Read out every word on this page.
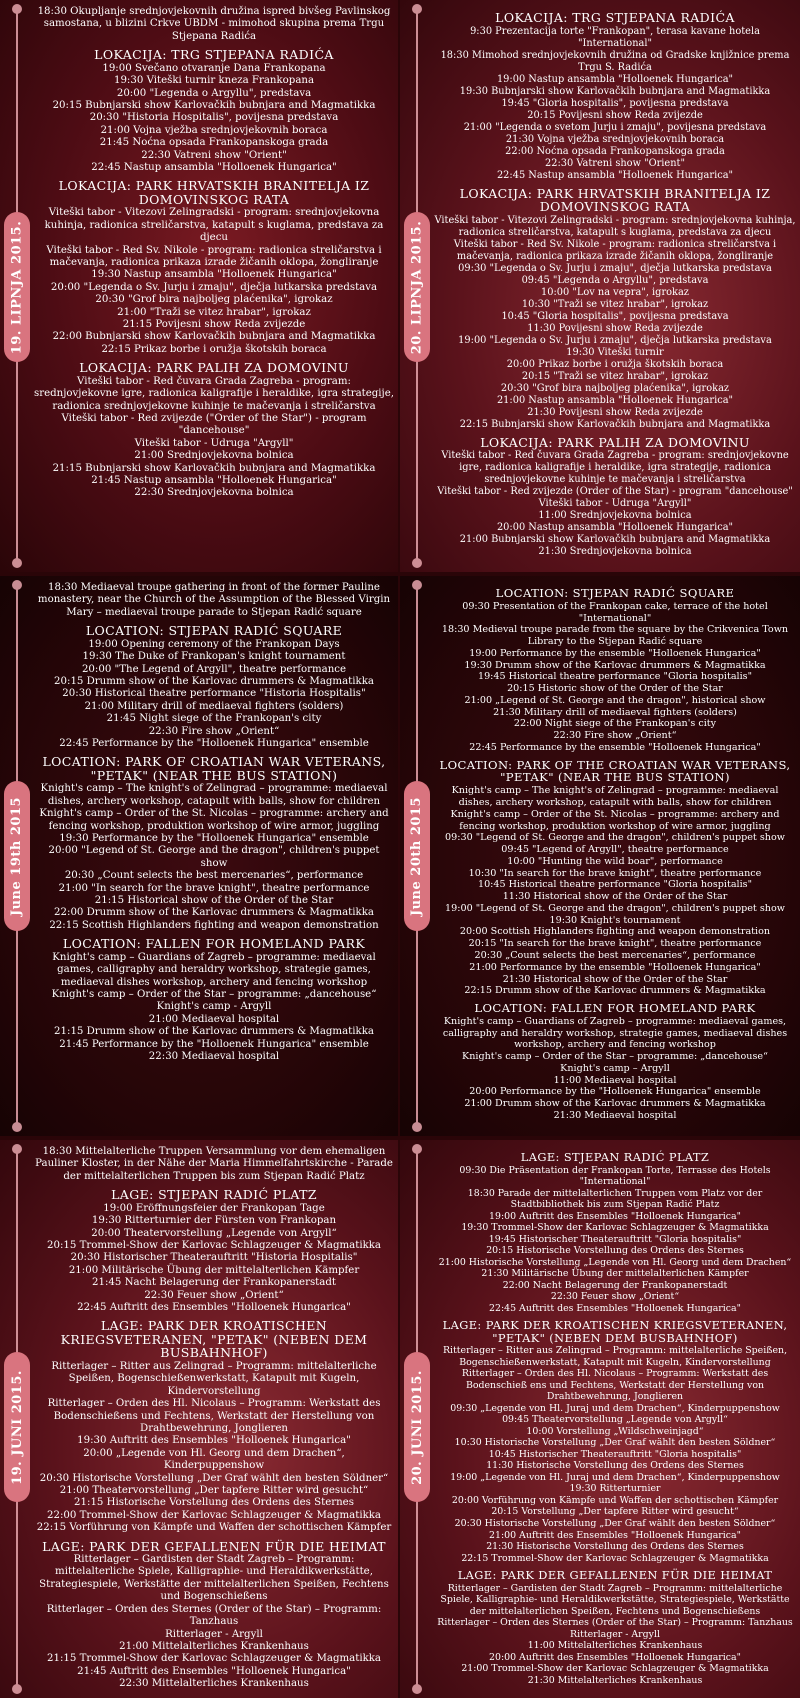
19. LIPNJA 2015.

18:30 Okupljanje srednjovjekovnih družina ispred bivšeg Pavlinskog samostana, u blizini Crkve UBDM - mimohod skupina prema Trgu Stjepana Radića

LOKACIJA: TRG STJEPANA RADIĆA

19:00 Svečano otvaranje Dana Frankopana

19:30 Viteški turnir kneza Frankopana

20:00 "Legenda o Argyllu", predstava

20:15 Bubnjarski show Karlovačkih bubnjara and Magmatikka

20:30 "Historia Hospitalis", povijesna predstava

21:00 Vojna vježba srednjovjekovnih boraca

21:45 Noćna opsada Frankopanskoga grada

22:30 Vatreni show "Orient"

22:45 Nastup ansambla "Holloenek Hungarica"

LOKACIJA: PARK HRVATSKIH BRANITELJA IZ DOMOVINSKOG RATA

Viteški tabor - Vitezovi Zelingradski - program: srednjovjekovna kuhinja, radionica streličarstva, katapult s kuglama, predstava za djecu

Viteški tabor - Red Sv. Nikole - program: radionica streličarstva i mačevanja, radionica prikaza izrade žičanih oklopa, žongliranje

19:30 Nastup ansambla "Holloenek Hungarica"

20:00 "Legenda o Sv. Jurju i zmaju", dječja lutkarska predstava

20:30 "Grof bira najboljeg plaćenika", igrokaz

21:00 "Traži se vitez hrabar", igrokaz

21:15 Povijesni show Reda zvijezde

22:00 Bubnjarski show Karlovačkih bubnjara and Magmatikka

22:15 Prikaz borbe i oružja škotskih boraca

LOKACIJA: PARK PALIH ZA DOMOVINU

Viteški tabor - Red čuvara Grada Zagreba - program: srednjovjekovne igre, radionica kaligrafije i heraldike, igra strategije, radionica srednjovjekovne kuhinje te mačevanja i streličarstva

Viteški tabor - Red zvijezde ("Order of the Star") - program "dancehouse"

Viteški tabor - Udruga "Argyll"

21:00 Srednjovjekovna bolnica

21:15 Bubnjarski show Karlovačkih bubnjara and Magmatikka

21:45 Nastup ansambla "Holloenek Hungarica"

22:30 Srednjovjekovna bolnica

20. LIPNJA 2015.
LOKACIJA: TRG STJEPANA RADIĆA

9:30 Prezentacija torte "Frankopan", terasa kavane hotela "International"

18:30 Mimohod srednjovjekovnih družina od Gradske knjižnice prema Trgu S. Radića

19:00 Nastup ansambla "Holloenek Hungarica"

19:30 Bubnjarski show Karlovačkih bubnjara and Magmatikka

19:45 "Gloria hospitalis", povijesna predstava

20:15 Povijesni show Reda zvijezde

21:00 "Legenda o svetom Jurju i zmaju", povijesna predstava

21:30 Vojna vježba srednjovjekovnih boraca

22:00 Noćna opsada Frankopanskoga grada

22:30 Vatreni show "Orient"

22:45 Nastup ansambla "Holloenek Hungarica"

LOKACIJA: PARK HRVATSKIH BRANITELJA IZ DOMOVINSKOG RATA

Viteški tabor - Vitezovi Zelingradski - program: srednjovjekovna kuhinja, radionica streličarstva, katapult s kuglama, predstava za djecu

Viteški tabor - Red Sv. Nikole - program: radionica streličarstva i mačevanja, radionica prikaza izrade žičanih oklopa, žongliranje

09:30 "Legenda o Sv. Jurju i zmaju", dječja lutkarska predstava

09:45 "Legenda o Argyllu", predstava

10:00 "Lov na vepra", igrokaz

10:30 "Traži se vitez hrabar", igrokaz

10:45 "Gloria hospitalis", povijesna predstava

11:30 Povijesni show Reda zvijezde

19:00 "Legenda o Sv. Jurju i zmaju", dječja lutkarska predstava

19:30 Viteški turnir

20:00 Prikaz borbe i oružja škotskih boraca

20:15 "Traži se vitez hrabar", igrokaz

20:30 "Grof bira najboljeg plaćenika", igrokaz

21:00 Nastup ansambla "Holloenek Hungarica"

21:30 Povijesni show Reda zvijezde

22:15 Bubnjarski show Karlovačkih bubnjara and Magmatikka

LOKACIJA: PARK PALIH ZA DOMOVINU

Viteški tabor - Red čuvara Grada Zagreba - program: srednjovjekovne igre, radionica kaligrafije i heraldike, igra strategije, radionica srednjovjekovne kuhinje te mačevanja i streličarstva

Viteški tabor - Red zvijezde (Order of the Star) - program "dancehouse"

Viteški tabor - Udruga "Argyll"

11:00 Srednjovjekovna bolnica

20:00 Nastup ansambla "Holloenek Hungarica"

21:00 Bubnjarski show Karlovačkih bubnjara and Magmatikka

21:30 Srednjovjekovna bolnica

June 19th 2015

18:30 Mediaeval troupe gathering in front of the former Pauline monastery, near the Church of the Assumption of the Blessed Virgin Mary – mediaeval troupe parade to Stjepan Radić square

LOCATION: STJEPAN RADIĆ SQUARE

19:00 Opening ceremony of the Frankopan Days

19:30 The Duke of Frankopan's knight tournament

20:00 "The Legend of Argyll", theatre performance

20:15 Drumm show of the Karlovac drummers & Magmatikka

20:30 Historical theatre performance "Historia Hospitalis"

21:00 Military drill of mediaeval fighters (solders)

21:45 Night siege of the Frankopan's city

22:30 Fire show „Orient“

22:45 Performance by the "Holloenek Hungarica" ensemble

LOCATION: PARK OF CROATIAN WAR VETERANS, "PETAK" (NEAR THE BUS STATION)

Knight's camp – The knight's of Zelingrad – programme: mediaeval dishes, archery workshop, catapult with balls, show for children

Knight's camp – Order of the St. Nicolas – programme: archery and fencing workshop, produktion workshop of wire armor, juggling

19:30 Performance by the "Holloenek Hungarica" ensemble

20:00 "Legend of St. George and the dragon", children's puppet show

20:30 „Count selects the best mercenaries“, performance

21:00 "In search for the brave knight", theatre performance

21:15 Historical show of the Order of the Star

22:00 Drumm show of the Karlovac drummers & Magmatikka

22:15 Scottish Highlanders fighting and weapon demonstration

LOCATION: FALLEN FOR HOMELAND PARK

Knight's camp – Guardians of Zagreb – programme: mediaeval games, calligraphy and heraldry workshop, strategie games, mediaeval dishes workshop, archery and fencing workshop

Knight's camp – Order of the Star – programme: „dancehouse“

Knight's camp - Argyll

21:00 Mediaeval hospital

21:15 Drumm show of the Karlovac drummers & Magmatikka

21:45 Performance by the "Holloenek Hungarica" ensemble

22:30 Mediaeval hospital

June 20th 2015
LOCATION: STJEPAN RADIĆ SQUARE

09:30 Presentation of the Frankopan cake, terrace of the hotel "International"

18:30 Medieval troupe parade from the square by the Crikvenica Town Library to the Stjepan Radić square

19:00 Performance by the ensemble "Holloenek Hungarica"

19:30 Drumm show of the Karlovac drummers & Magmatikka

19:45 Historical theatre performance "Gloria hospitalis"

20:15 Historic show of the Order of the Star

21:00 „Legend of St. George and the dragon", historical show

21:30 Military drill of mediaeval fighters (solders)

22:00 Night siege of the Frankopan's city

22:30 Fire show „Orient“

22:45 Performance by the ensemble "Holloenek Hungarica"

LOCATION: PARK OF THE CROATIAN WAR VETERANS, "PETAK" (NEAR THE BUS STATION)

Knight's camp – The knight's of Zelingrad – programme: mediaeval dishes, archery workshop, catapult with balls, show for children

Knight's camp – Order of the St. Nicolas – programme: archery and fencing workshop, produktion workshop of wire armor, juggling

09:30 "Legend of St. George and the dragon", children's puppet show

09:45 "Legend of Argyll", theatre performance

10:00 "Hunting the wild boar", performance

10:30 "In search for the brave knight", theatre performance

10:45 Historical theatre performance "Gloria hospitalis"

11:30 Historical show of the Order of the Star

19:00 "Legend of St. George and the dragon", children's puppet show

19:30 Knight's tournament

20:00 Scottish Highlanders fighting and weapon demonstration

20:15 "In search for the brave knight", theatre performance

20:30 „Count selects the best mercenaries“, performance

21:00 Performance by the ensemble "Holloenek Hungarica"

21:30 Historical show of the Order of the Star

22:15 Drumm show of the Karlovac drummers & Magmatikka

LOCATION: FALLEN FOR HOMELAND PARK

Knight's camp – Guardians of Zagreb – programme: mediaeval games, calligraphy and heraldry workshop, strategie games, mediaeval dishes workshop, archery and fencing workshop

Knight's camp – Order of the Star – programme: „dancehouse“

Knight's camp – Argyll

11:00 Mediaeval hospital

20:00 Performance by the "Holloenek Hungarica" ensemble

21:00 Drumm show of the Karlovac drummers & Magmatikka

21:30 Mediaeval hospital

19. JUNI 2015.

18:30 Mittelalterliche Truppen Versammlung vor dem ehemaligen Pauliner Kloster, in der Nähe der Maria Himmelfahrtskirche - Parade der mittelalterlichen Truppen bis zum Stjepan Radić Platz

LAGE: STJEPAN RADIĆ PLATZ

19:00 Eröffnungsfeier der Frankopan Tage

19:30 Ritterturnier der Fürsten von Frankopan

20:00 Theatervorstellung „Legende von Argyll“

20:15 Trommel-Show der Karlovac Schlagzeuger & Magmatikka

20:30 Historischer Theaterauftritt "Historia Hospitalis"

21:00 Militärische Übung der mittelalterlichen Kämpfer

21:45 Nacht Belagerung der Frankopanerstadt

22:30 Feuer show „Orient“

22:45 Auftritt des Ensembles "Holloenek Hungarica"

LAGE: PARK DER KROATISCHEN KRIEGSVETERANEN, "PETAK" (NEBEN DEM BUSBAHNHOF)

Ritterlager – Ritter aus Zelingrad – Programm: mittelalterliche Speißen, Bogenschießenwerkstatt, Katapult mit Kugeln, Kindervorstellung

Ritterlager – Orden des Hl. Nicolaus – Programm: Werkstatt des Bodenschießens und Fechtens, Werkstatt der Herstellung von Drahtbewehrung, Jonglieren

19:30 Auftritt des Ensembles "Holloenek Hungarica"

20:00 „Legende von Hl. Georg und dem Drachen“, Kinderpuppenshow

20:30 Historische Vorstellung „Der Graf wählt den besten Söldner“

21:00 Theatervorstellung „Der tapfere Ritter wird gesucht“

21:15 Historische Vorstellung des Ordens des Sternes

22:00 Trommel-Show der Karlovac Schlagzeuger & Magmatikka

22:15 Vorführung von Kämpfe und Waffen der schottischen Kämpfer

LAGE: PARK DER GEFALLENEN FÜR DIE HEIMAT

Ritterlager – Gardisten der Stadt Zagreb – Programm: mittelalterliche Spiele, Kalligraphie- und Heraldikwerkstätte, Strategiespiele, Werkstätte der mittelalterlichen Speißen, Fechtens und Bogenschießens

Ritterlager – Orden des Sternes (Order of the Star) – Programm: Tanzhaus

Ritterlager - Argyll

21:00 Mittelalterliches Krankenhaus

21:15 Trommel-Show der Karlovac Schlagzeuger & Magmatikka

21:45 Auftritt des Ensembles "Holloenek Hungarica"

22:30 Mittelalterliches Krankenhaus

20. JUNI 2015.
LAGE: STJEPAN RADIĆ PLATZ

09:30 Die Präsentation der Frankopan Torte, Terrasse des Hotels "International"

18:30 Parade der mittelalterlichen Truppen vom Platz vor der Stadtbibliothek bis zum Stjepan Radić Platz

19:00 Auftritt des Ensembles "Holloenek Hungarica"

19:30 Trommel-Show der Karlovac Schlagzeuger & Magmatikka

19:45 Historischer Theaterauftritt "Gloria hospitalis"

20:15 Historische Vorstellung des Ordens des Sternes

21:00 Historische Vorstellung „Legende von Hl. Georg und dem Drachen“

21:30 Militärische Übung der mittelalterlichen Kämpfer

22:00 Nacht Belagerung der Frankopanerstadt

22:30 Feuer show „Orient“

22:45 Auftritt des Ensembles "Holloenek Hungarica"

LAGE: PARK DER KROATISCHEN KRIEGSVETERANEN, "PETAK" (NEBEN DEM BUSBAHNHOF)

Ritterlager – Ritter aus Zelingrad – Programm: mittelalterliche Speißen, Bogenschießenwerkstatt, Katapult mit Kugeln, Kindervorstellung

Ritterlager – Orden des Hl. Nicolaus – Programm: Werkstatt des Bodenschieß ens und Fechtens, Werkstatt der Herstellung von Drahtbewehrung, Jonglieren

09:30 „Legende von Hl. Juraj und dem Drachen“, Kinderpuppenshow

09:45 Theatervorstellung „Legende von Argyll“

10:00 Vorstellung „Wildschweinjagd“

10:30 Historische Vorstellung „Der Graf wählt den besten Söldner“

10:45 Historischer Theaterauftritt "Gloria hospitalis"

11:30 Historische Vorstellung des Ordens des Sternes

19:00 „Legende von Hl. Juraj und dem Drachen“, Kinderpuppenshow

19:30 Ritterturnier

20:00 Vorführung von Kämpfe und Waffen der schottischen Kämpfer

20:15 Vorstellung „Der tapfere Ritter wird gesucht“

20:30 Historische Vorstellung „Der Graf wählt den besten Söldner“

21:00 Auftritt des Ensembles "Holloenek Hungarica"

21:30 Historische Vorstellung des Ordens des Sternes

22:15 Trommel-Show der Karlovac Schlagzeuger & Magmatikka

LAGE: PARK DER GEFALLENEN FÜR DIE HEIMAT

Ritterlager – Gardisten der Stadt Zagreb – Programm: mittelalterliche Spiele, Kalligraphie- und Heraldikwerkstätte, Strategiespiele, Werkstätte der mittelalterlichen Speißen, Fechtens und Bogenschießens

Ritterlager – Orden des Sternes (Order of the Star) – Programm: Tanzhaus

Ritterlager - Argyll

11:00 Mittelalterliches Krankenhaus

20:00 Auftritt des Ensembles "Holloenek Hungarica"

21:00 Trommel-Show der Karlovac Schlagzeuger & Magmatikka

21:30 Mittelalterliches Krankenhaus
